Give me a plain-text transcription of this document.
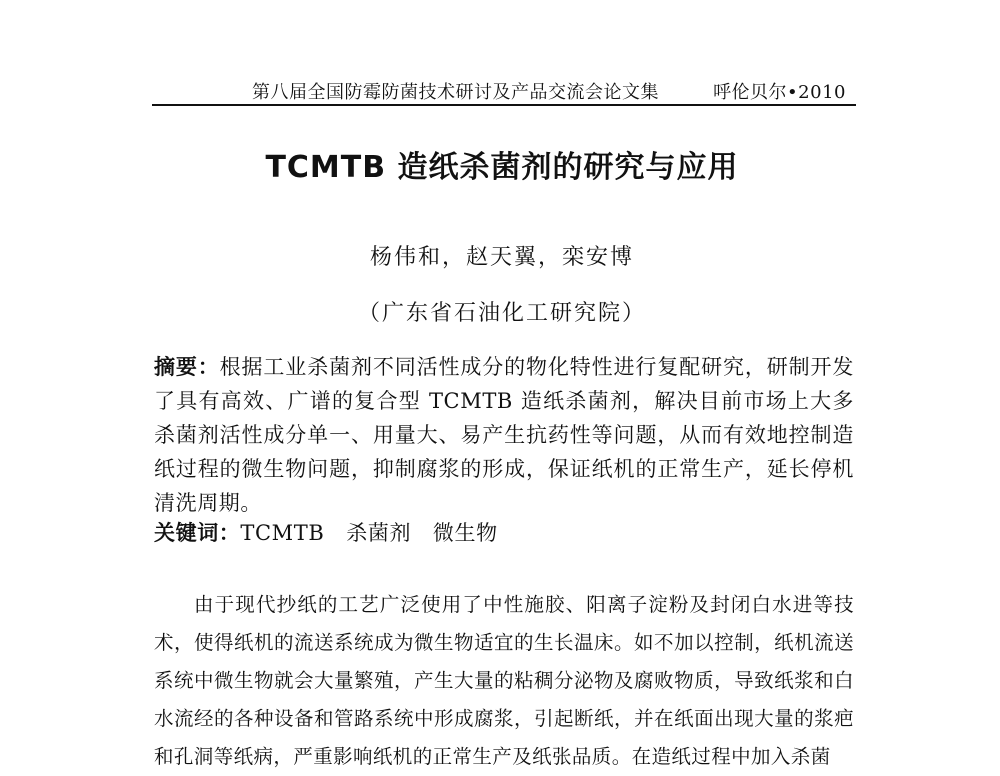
第八届全国防霉防菌技术研讨及产品交流会论文集	呼伦贝尔•2010
TCMTB 造纸杀菌剂的研究与应用
杨伟和，赵天翼，栾安博
（广东省石油化工研究院）
摘要：根据工业杀菌剂不同活性成分的物化特性进行复配研究，研制开发了具有高效、广谱的复合型 TCMTB 造纸杀菌剂，解决目前市场上大多杀菌剂活性成分单一、用量大、易产生抗药性等问题，从而有效地控制造纸过程的微生物问题，抑制腐浆的形成，保证纸机的正常生产，延长停机清洗周期。
关键词：TCMTB   杀菌剂   微生物
由于现代抄纸的工艺广泛使用了中性施胶、阳离子淀粉及封闭白水进等技术，使得纸机的流送系统成为微生物适宜的生长温床。如不加以控制，纸机流送系统中微生物就会大量繁殖，产生大量的粘稠分泌物及腐败物质，导致纸浆和白水流经的各种设备和管路系统中形成腐浆，引起断纸，并在纸面出现大量的浆疤和孔洞等纸病，严重影响纸机的正常生产及纸张品质。在造纸过程中加入杀菌
